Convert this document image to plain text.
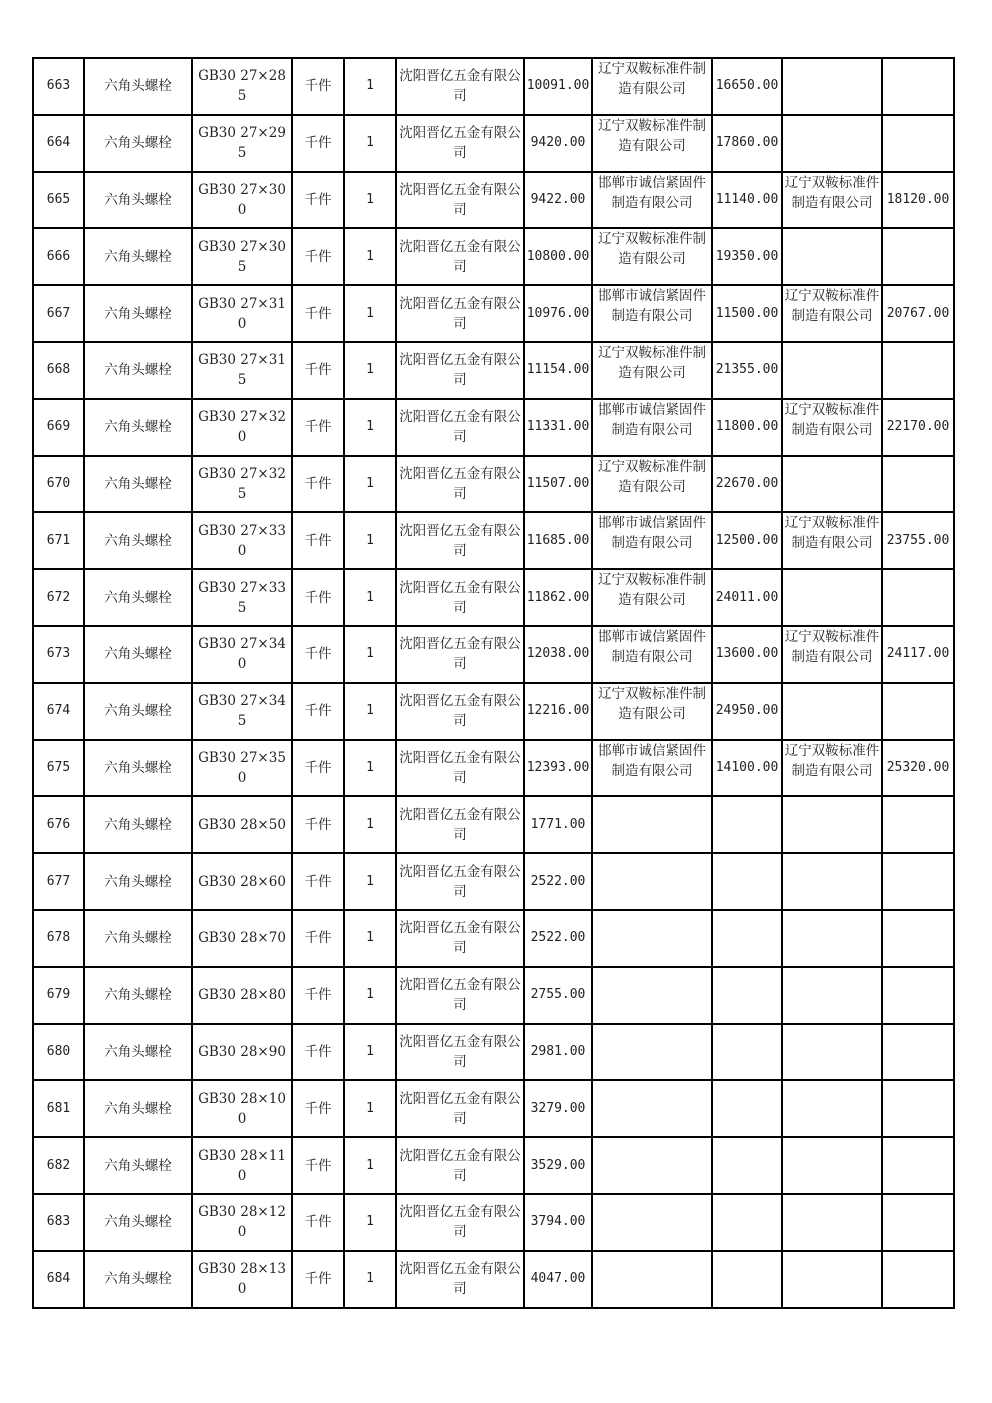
663	六角头螺栓	GB30 27×285	千件	1	沈阳晋亿五金有限公司	10091.00	辽宁双鞍标准件制造有限公司	16650.00		

664	六角头螺栓	GB30 27×295	千件	1	沈阳晋亿五金有限公司	9420.00	辽宁双鞍标准件制造有限公司	17860.00		

665	六角头螺栓	GB30 27×300	千件	1	沈阳晋亿五金有限公司	9422.00	邯郸市诚信紧固件制造有限公司	11140.00	辽宁双鞍标准件制造有限公司	18120.00

666	六角头螺栓	GB30 27×305	千件	1	沈阳晋亿五金有限公司	10800.00	辽宁双鞍标准件制造有限公司	19350.00		

667	六角头螺栓	GB30 27×310	千件	1	沈阳晋亿五金有限公司	10976.00	邯郸市诚信紧固件制造有限公司	11500.00	辽宁双鞍标准件制造有限公司	20767.00

668	六角头螺栓	GB30 27×315	千件	1	沈阳晋亿五金有限公司	11154.00	辽宁双鞍标准件制造有限公司	21355.00		

669	六角头螺栓	GB30 27×320	千件	1	沈阳晋亿五金有限公司	11331.00	邯郸市诚信紧固件制造有限公司	11800.00	辽宁双鞍标准件制造有限公司	22170.00

670	六角头螺栓	GB30 27×325	千件	1	沈阳晋亿五金有限公司	11507.00	辽宁双鞍标准件制造有限公司	22670.00		

671	六角头螺栓	GB30 27×330	千件	1	沈阳晋亿五金有限公司	11685.00	邯郸市诚信紧固件制造有限公司	12500.00	辽宁双鞍标准件制造有限公司	23755.00

672	六角头螺栓	GB30 27×335	千件	1	沈阳晋亿五金有限公司	11862.00	辽宁双鞍标准件制造有限公司	24011.00		

673	六角头螺栓	GB30 27×340	千件	1	沈阳晋亿五金有限公司	12038.00	邯郸市诚信紧固件制造有限公司	13600.00	辽宁双鞍标准件制造有限公司	24117.00

674	六角头螺栓	GB30 27×345	千件	1	沈阳晋亿五金有限公司	12216.00	辽宁双鞍标准件制造有限公司	24950.00		

675	六角头螺栓	GB30 27×350	千件	1	沈阳晋亿五金有限公司	12393.00	邯郸市诚信紧固件制造有限公司	14100.00	辽宁双鞍标准件制造有限公司	25320.00

676	六角头螺栓	GB30 28×50	千件	1	沈阳晋亿五金有限公司	1771.00				

677	六角头螺栓	GB30 28×60	千件	1	沈阳晋亿五金有限公司	2522.00				

678	六角头螺栓	GB30 28×70	千件	1	沈阳晋亿五金有限公司	2522.00				

679	六角头螺栓	GB30 28×80	千件	1	沈阳晋亿五金有限公司	2755.00				

680	六角头螺栓	GB30 28×90	千件	1	沈阳晋亿五金有限公司	2981.00				

681	六角头螺栓	GB30 28×100	千件	1	沈阳晋亿五金有限公司	3279.00				

682	六角头螺栓	GB30 28×110	千件	1	沈阳晋亿五金有限公司	3529.00				

683	六角头螺栓	GB30 28×120	千件	1	沈阳晋亿五金有限公司	3794.00				

684	六角头螺栓	GB30 28×130	千件	1	沈阳晋亿五金有限公司	4047.00				
